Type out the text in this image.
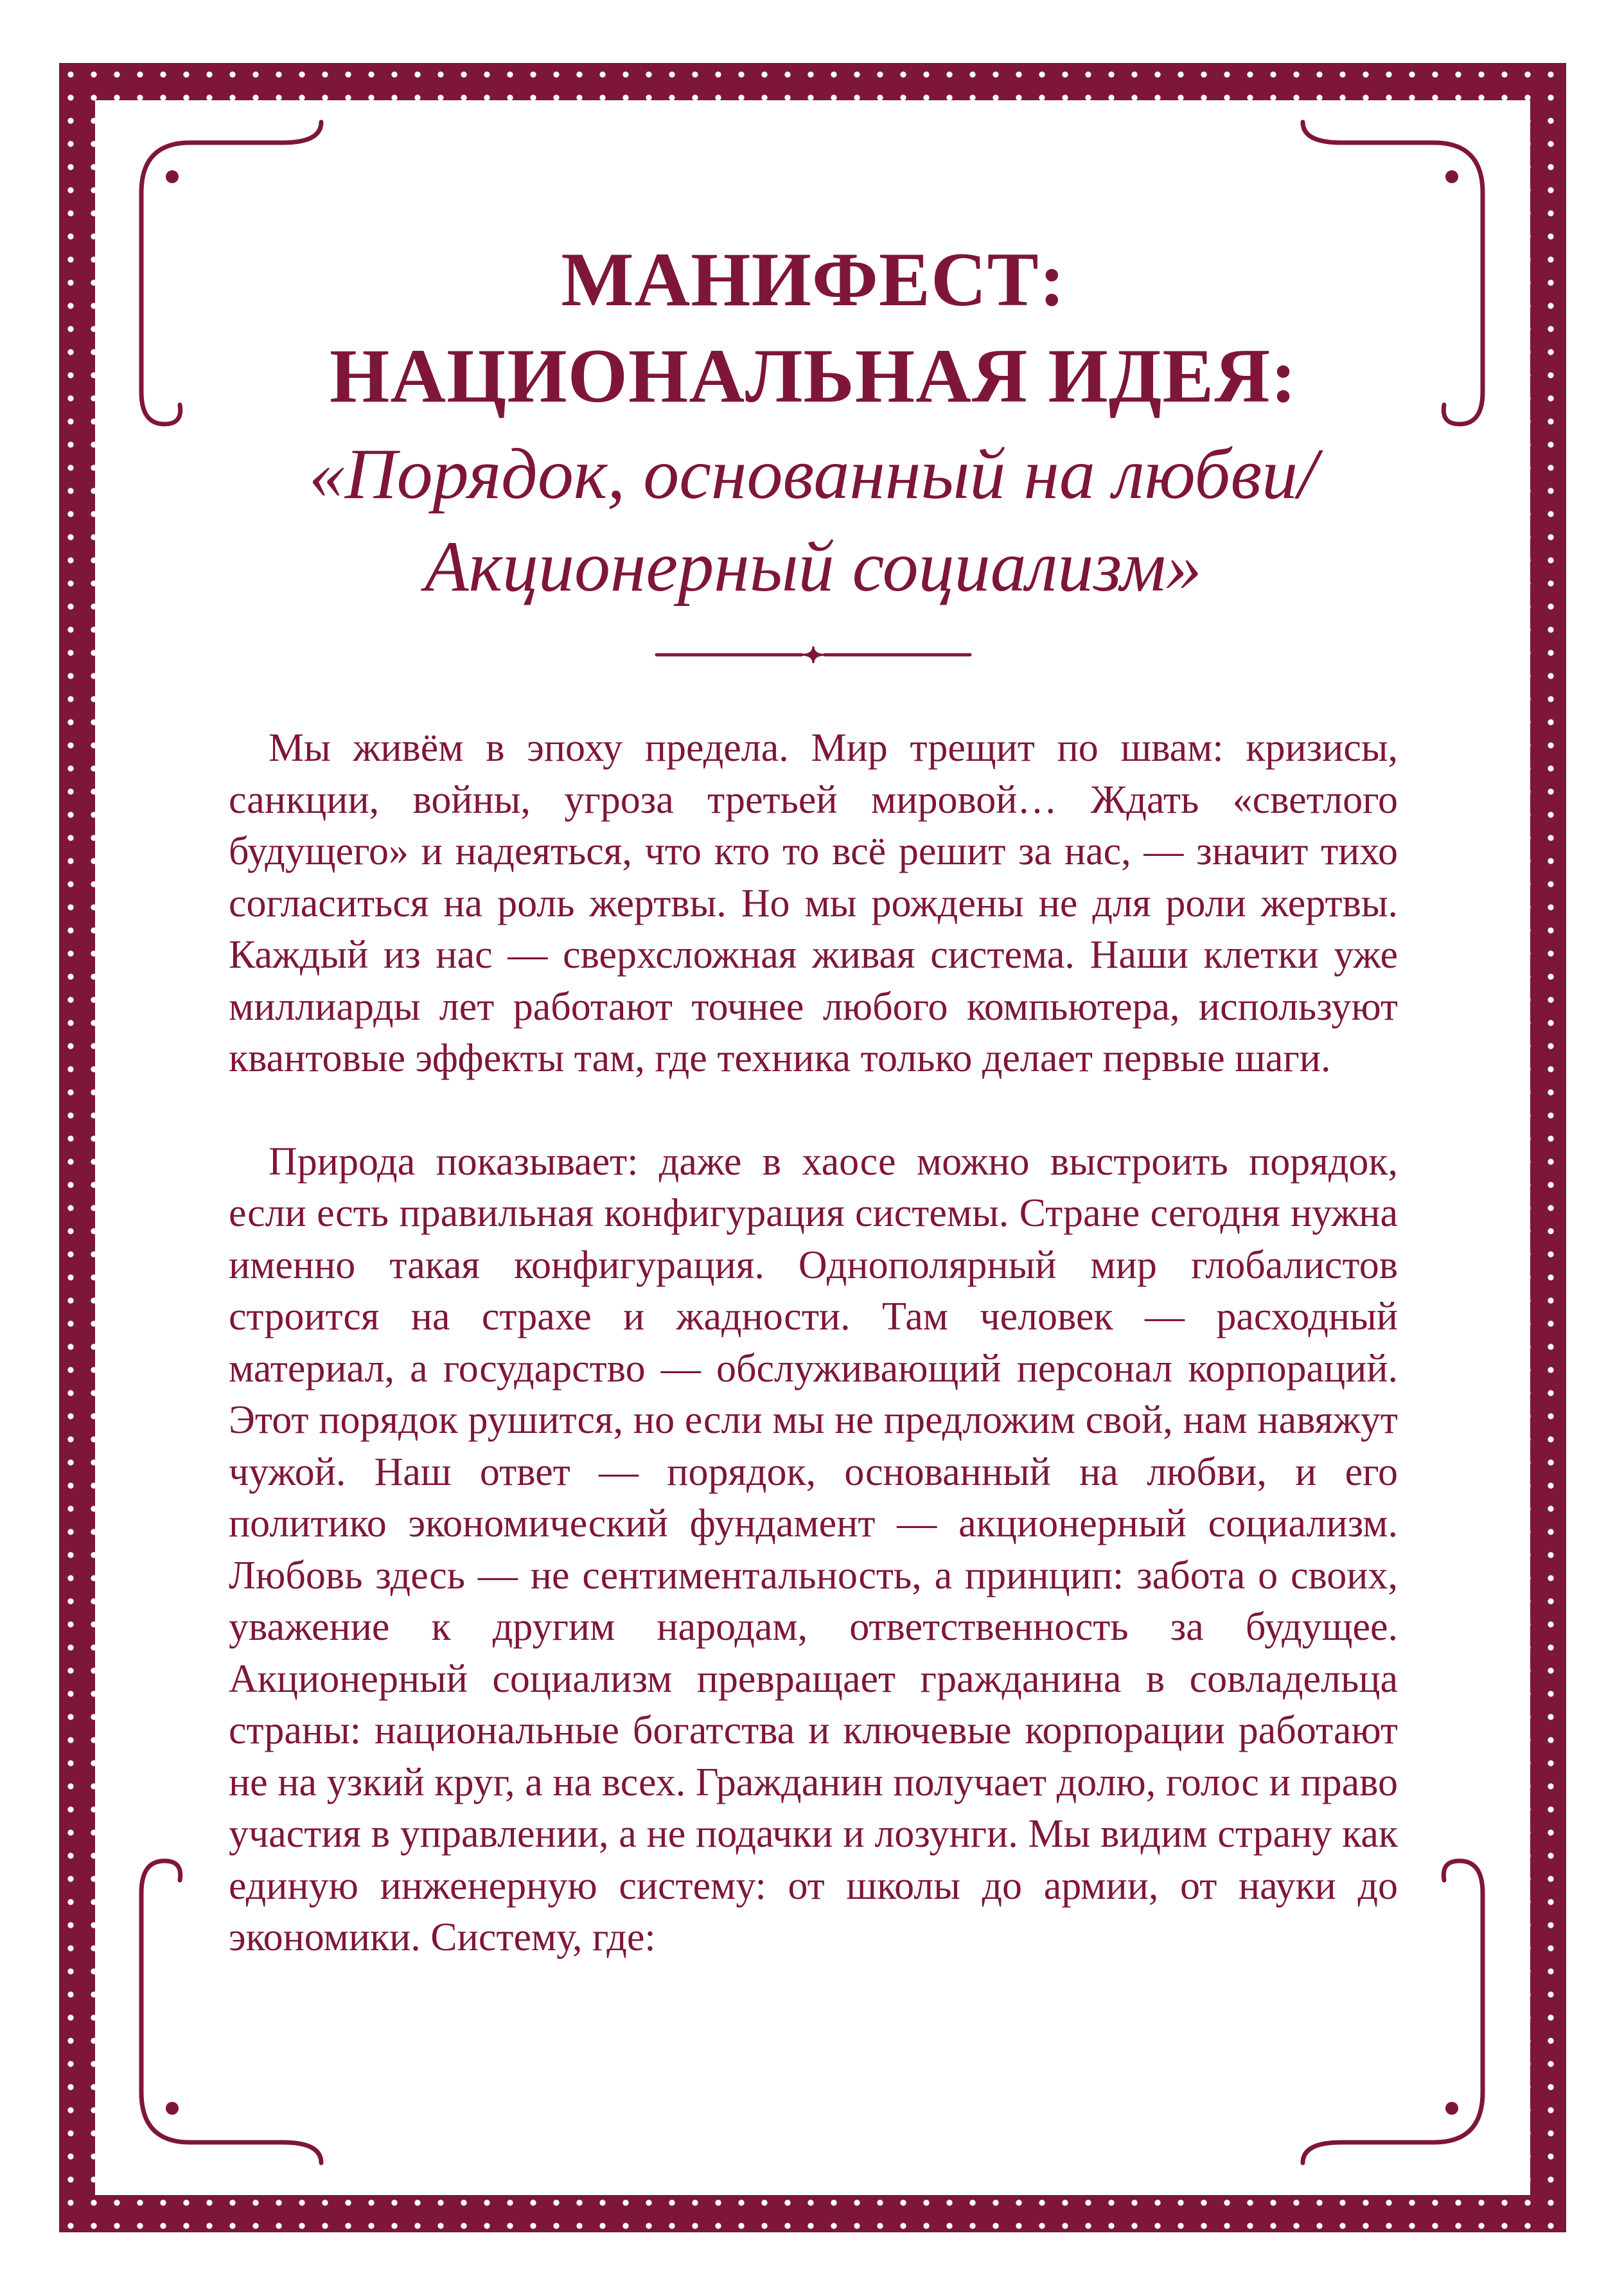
МАНИФЕСТ:
НАЦИОНАЛЬНАЯ ИДЕЯ:

«Порядок, основанный на любви/
Акционерный социализм»

Мы живём в эпоху предела. Мир трещит по швам: кризисы, санкции, войны, угроза третьей мировой… Ждать «светлого будущего» и надеяться, что кто то всё решит за нас, — значит тихо согласиться на роль жертвы. Но мы рождены не для роли жертвы. Каждый из нас — сверхсложная живая система. Наши клетки уже миллиарды лет работают точнее любого компьютера, используют квантовые эффекты там, где техника только делает первые шаги.

Природа показывает: даже в хаосе можно выстроить порядок, если есть правильная конфигурация системы. Стране сегодня нужна именно такая конфигурация. Однополярный мир глобалистов строится на страхе и жадности. Там человек — расходный материал, а государство — обслуживающий персонал корпораций. Этот порядок рушится, но если мы не предложим свой, нам навяжут чужой. Наш ответ — порядок, основанный на любви, и его политико экономический фундамент — акционерный социализм. Любовь здесь — не сентиментальность, а принцип: забота о своих, уважение к другим народам, ответственность за будущее. Акционерный социализм превращает гражданина в совладельца страны: национальные богатства и ключевые корпорации работают не на узкий круг, а на всех. Гражданин получает долю, голос и право участия в управлении, а не подачки и лозунги. Мы видим страну как единую инженерную систему: от школы до армии, от науки до экономики. Систему, где:
